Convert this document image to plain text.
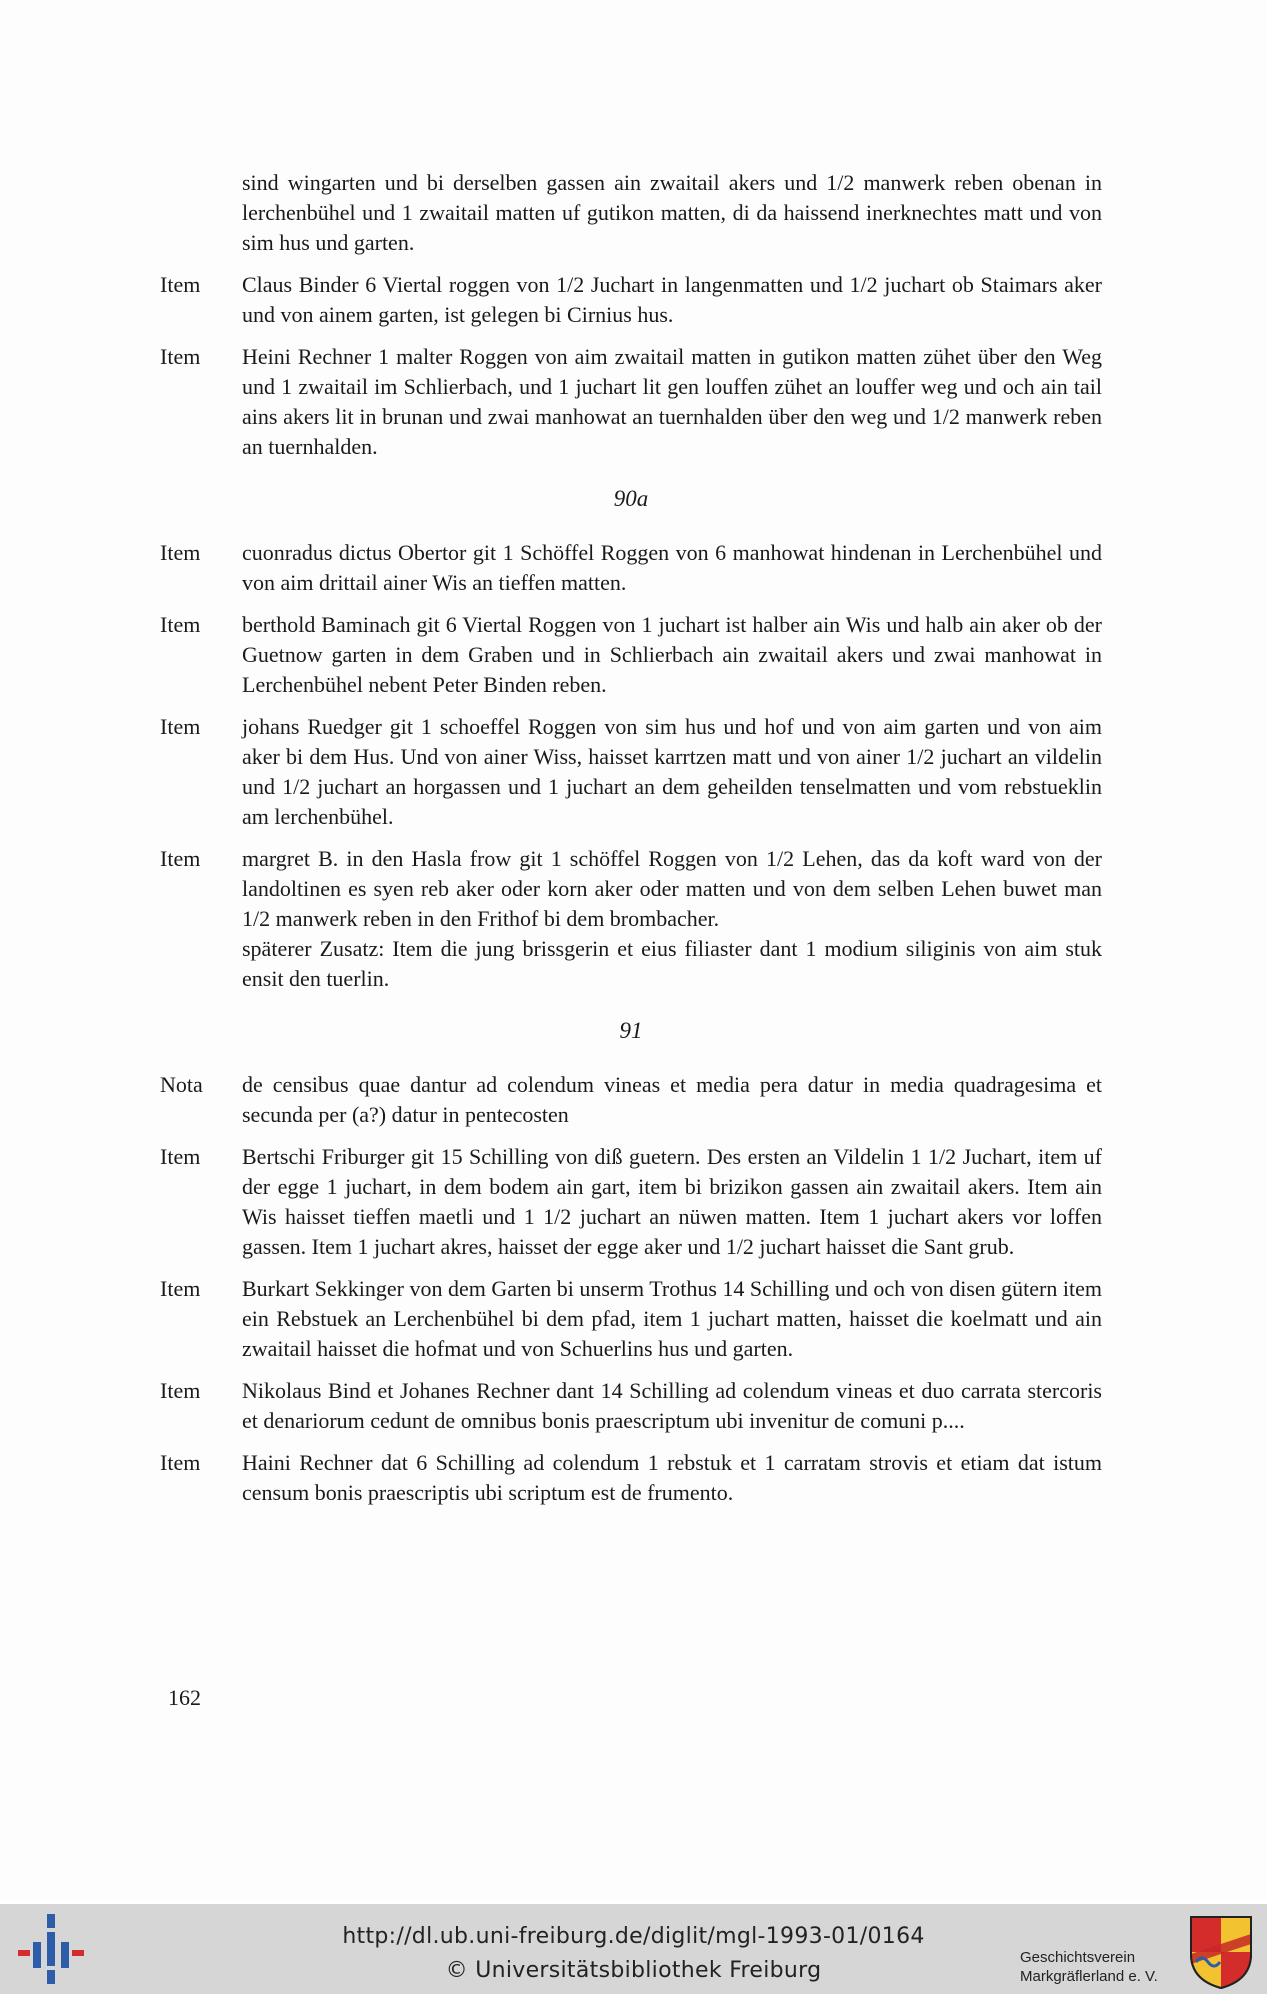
sind wingarten und bi derselben gassen ain zwaitail akers und 1/2 manwerk reben obenan in lerchenbühel und 1 zwaitail matten uf gutikon matten, di da haissend inerknechtes matt und von sim hus und garten.
Item	Claus Binder 6 Viertal roggen von 1/2 Juchart in langenmatten und 1/2 juchart ob Staimars aker und von ainem garten, ist gelegen bi Cirnius hus.
Item	Heini Rechner 1 malter Roggen von aim zwaitail matten in gutikon matten zühet über den Weg und 1 zwaitail im Schlierbach, und 1 juchart lit gen louffen zühet an louffer weg und och ain tail ains akers lit in brunan und zwai manhowat an tuernhalden über den weg und 1/2 manwerk reben an tuernhalden.
90a
Item	cuonradus dictus Obertor git 1 Schöffel Roggen von 6 manhowat hindenan in Lerchenbühel und von aim drittail ainer Wis an tieffen matten.
Item	berthold Baminach git 6 Viertal Roggen von 1 juchart ist halber ain Wis und halb ain aker ob der Guetnow garten in dem Graben und in Schlierbach ain zwaitail akers und zwai manhowat in Lerchenbühel nebent Peter Binden reben.
Item	johans Ruedger git 1 schoeffel Roggen von sim hus und hof und von aim garten und von aim aker bi dem Hus. Und von ainer Wiss, haisset karrtzen matt und von ainer 1/2 juchart an vildelin und 1/2 juchart an horgassen und 1 juchart an dem geheilden tenselmatten und vom rebstueklin am lerchenbühel.
Item	margret B. in den Hasla frow git 1 schöffel Roggen von 1/2 Lehen, das da koft ward von der landoltinen es syen reb aker oder korn aker oder matten und von dem selben Lehen buwet man 1/2 manwerk reben in den Frithof bi dem brombacher.
späterer Zusatz: Item die jung brissgerin et eius filiaster dant 1 modium siliginis von aim stuk ensit den tuerlin.
91
Nota	de censibus quae dantur ad colendum vineas et media pera datur in media quadragesima et secunda per (a?) datur in pentecosten
Item	Bertschi Friburger git 15 Schilling von diß guetern. Des ersten an Vildelin 1 1/2 Juchart, item uf der egge 1 juchart, in dem bodem ain gart, item bi brizikon gassen ain zwaitail akers. Item ain Wis haisset tieffen maetli und 1 1/2 juchart an nüwen matten. Item 1 juchart akers vor loffen gassen. Item 1 juchart akres, haisset der egge aker und 1/2 juchart haisset die Sant grub.
Item	Burkart Sekkinger von dem Garten bi unserm Trothus 14 Schilling und och von disen gütern item ein Rebstuek an Lerchenbühel bi dem pfad, item 1 juchart matten, haisset die koelmatt und ain zwaitail haisset die hofmat und von Schuerlins hus und garten.
Item	Nikolaus Bind et Johanes Rechner dant 14 Schilling ad colendum vineas et duo carrata stercoris et denariorum cedunt de omnibus bonis praescriptum ubi invenitur de comuni p....
Item	Haini Rechner dat 6 Schilling ad colendum 1 rebstuk et 1 carratam strovis et etiam dat istum censum bonis praescriptis ubi scriptum est de frumento.
162
http://dl.ub.uni-freiburg.de/diglit/mgl-1993-01/0164
© Universitätsbibliothek Freiburg
Geschichtsverein
Markgräflerland e. V.
